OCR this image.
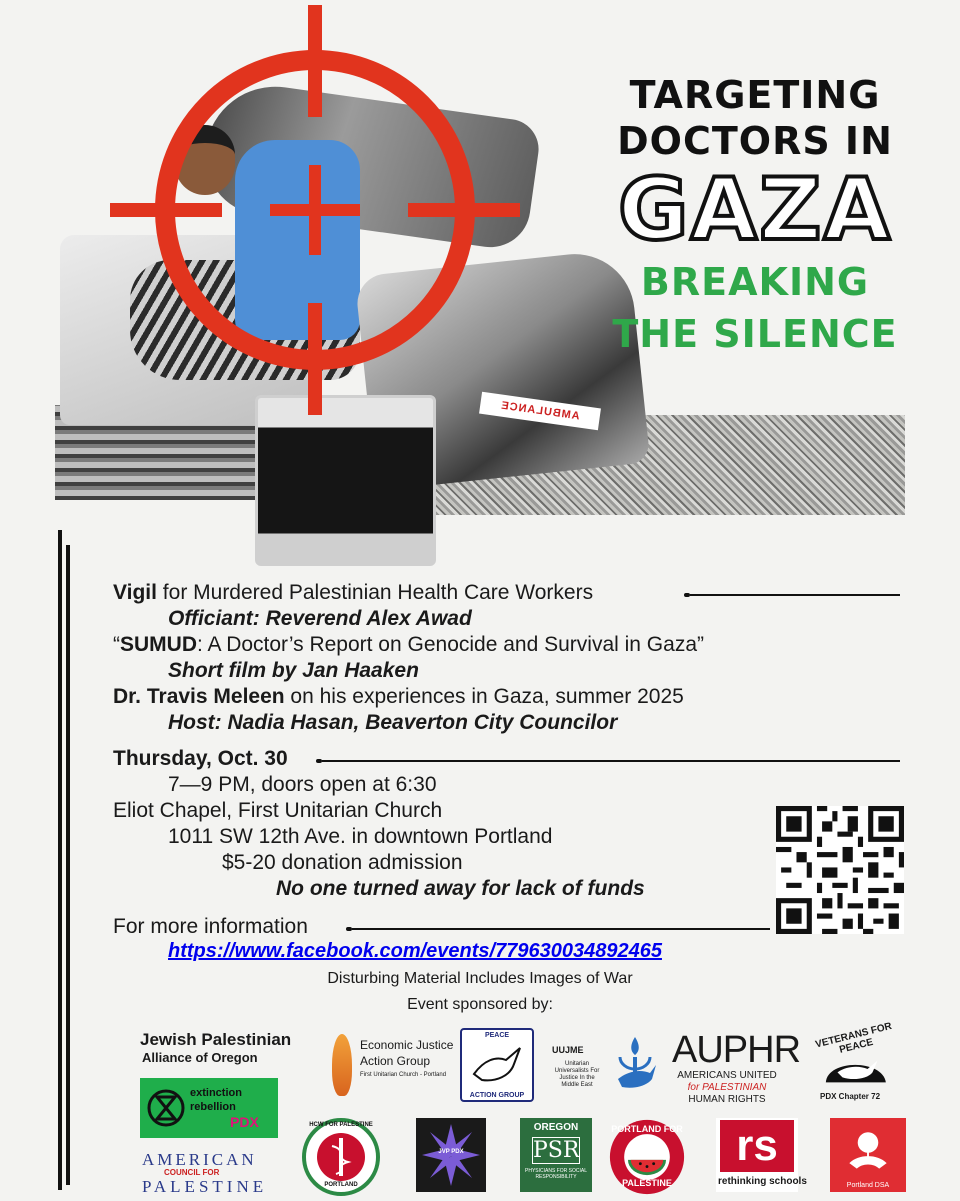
AMBULANCE
TARGETING
DOCTORS IN
GAZA
BREAKING
THE SILENCE
Vigil for Murdered Palestinian Health Care Workers
Officiant: Reverend Alex Awad
“SUMUD: A Doctor’s Report on Genocide and Survival in Gaza”
Short film by Jan Haaken
Dr. Travis Meleen on his experiences in Gaza, summer 2025
Host: Nadia Hasan, Beaverton City Councilor
Thursday, Oct. 30
7—9 PM, doors open at 6:30
Eliot Chapel, First Unitarian Church
1011 SW 12th Ave. in downtown Portland
$5-20 donation admission
No one turned away for lack of funds
For more information
https://www.facebook.com/events/779630034892465
Disturbing Material Includes Images of War
Event sponsored by:
Jewish Palestinian
Alliance of Oregon
Economic Justice
Action Group
First Unitarian Church - Portland
PEACE
ACTION GROUP
UUJME
Unitarian Universalists For Justice In the Middle East
AUPHR
AMERICANS UNITED
for PALESTINIAN
HUMAN RIGHTS
VETERANS FOR PEACE
PDX Chapter 72
extinction
rebellion
PDX
AMERICAN
COUNCIL FOR
PALESTINE
HCW FOR PALESTINE
PORTLAND
JVP PDX
OREGON
PSR
PHYSICIANS FOR SOCIAL RESPONSIBILITY
PORTLAND FOR
PALESTINE
rs
rethinking schools	Portland DSA
